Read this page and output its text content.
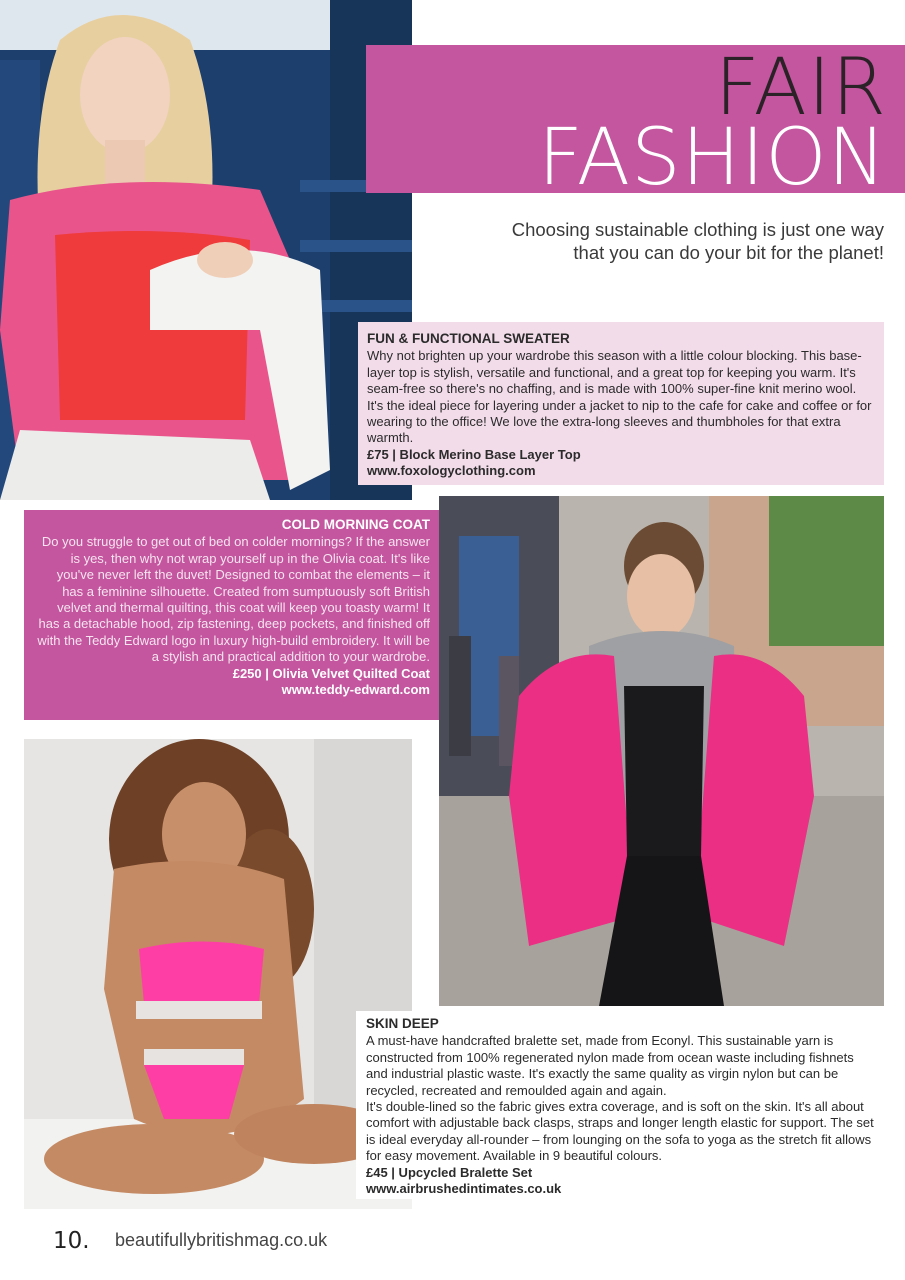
FAIR
FASHION
Choosing sustainable clothing is just one way that you can do your bit for the planet!
FUN & FUNCTIONAL SWEATER
Why not brighten up your wardrobe this season with a little colour blocking. This base-layer top is stylish, versatile and functional, and a great top for keeping you warm. It's seam-free so there's no chaffing, and is made with 100% super-fine knit merino wool. It's the ideal piece for layering under a jacket to nip to the cafe for cake and coffee or for wearing to the office! We love the extra-long sleeves and thumbholes for that extra warmth.
£75 | Block Merino Base Layer Top
www.foxologyclothing.com
COLD MORNING COAT
Do you struggle to get out of bed on colder mornings? If the answer is yes, then why not wrap yourself up in the Olivia coat. It's like you've never left the duvet! Designed to combat the elements – it has a feminine silhouette. Created from sumptuously soft British velvet and thermal quilting, this coat will keep you toasty warm! It has a detachable hood, zip fastening, deep pockets, and finished off with the Teddy Edward logo in luxury high-build embroidery. It will be a stylish and practical addition to your wardrobe.
£250 | Olivia Velvet Quilted Coat
www.teddy-edward.com
SKIN DEEP
A must-have handcrafted bralette set, made from Econyl. This sustainable yarn is constructed from 100% regenerated nylon made from ocean waste including fishnets and industrial plastic waste. It's exactly the same quality as virgin nylon but can be recycled, recreated and remoulded again and again.
It's double-lined so the fabric gives extra coverage, and is soft on the skin. It's all about comfort with adjustable back clasps, straps and longer length elastic for support. The set is ideal everyday all-rounder – from lounging on the sofa to yoga as the stretch fit allows for easy movement. Available in 9 beautiful colours.
£45 | Upcycled Bralette Set
www.airbrushedintimates.co.uk
10. beautifullybritishmag.co.uk
